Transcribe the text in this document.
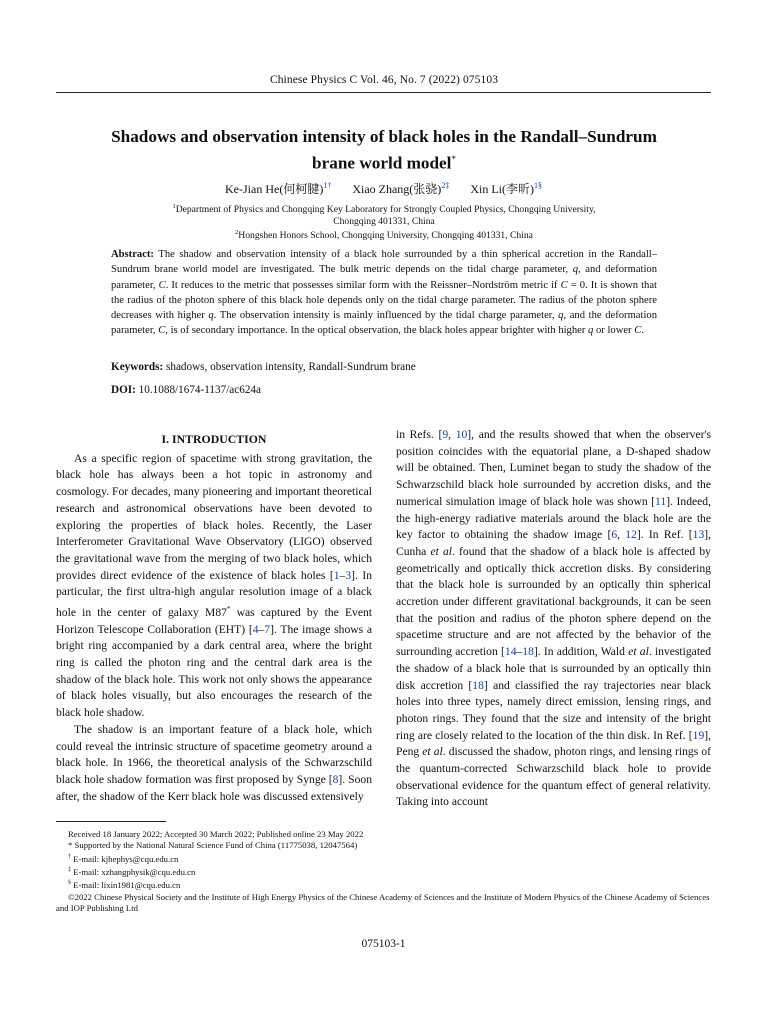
Chinese Physics C Vol. 46, No. 7 (2022) 075103
Shadows and observation intensity of black holes in the Randall–Sundrum
brane world model*
Ke-Jian He(何柯腱)$^{1\dagger}$ Xiao Zhang(张骁)$^{2\ddagger}$ Xin Li(李昕)$^{1\S}$
$^1$Department of Physics and Chongqing Key Laboratory for Strongly Coupled Physics, Chongqing University,
Chongqing 401331, China
$^2$Hongshen Honors School, Chongqing University, Chongqing 401331, China
Abstract: The shadow and observation intensity of a black hole surrounded by a thin spherical accretion in the Randall–Sundrum brane world model are investigated. The bulk metric depends on the tidal charge parameter, q, and deformation parameter, C. It reduces to the metric that possesses similar form with the Reissner–Nordström metric if C = 0. It is shown that the radius of the photon sphere of this black hole depends only on the tidal charge parameter. The radius of the photon sphere decreases with higher q. The observation intensity is mainly influenced by the tidal charge parameter, q, and the deformation parameter, C, is of secondary importance. In the optical observation, the black holes appear brighter with higher q or lower C.
Keywords: shadows, observation intensity, Randall-Sundrum brane
DOI: 10.1088/1674-1137/ac624a
I. INTRODUCTION

As a specific region of spacetime with strong gravitation, the black hole has always been a hot topic in astronomy and cosmology. For decades, many pioneering and important theoretical research and astronomical observations have been devoted to exploring the properties of black holes. Recently, the Laser Interferometer Gravitational Wave Observatory (LIGO) observed the gravitational wave from the merging of two black holes, which provides direct evidence of the existence of black holes [1–3]. In particular, the first ultra-high angular resolution image of a black hole in the center of galaxy M87* was captured by the Event Horizon Telescope Collaboration (EHT) [4–7]. The image shows a bright ring accompanied by a dark central area, where the bright ring is called the photon ring and the central dark area is the shadow of the black hole. This work not only shows the appearance of black holes visually, but also encourages the research of the black hole shadow.

The shadow is an important feature of a black hole, which could reveal the intrinsic structure of spacetime geometry around a black hole. In 1966, the theoretical analysis of the Schwarzschild black hole shadow formation was first proposed by Synge [8]. Soon after, the shadow of the Kerr black hole was discussed extensively

in Refs. [9, 10], and the results showed that when the observer's position coincides with the equatorial plane, a D-shaped shadow will be obtained. Then, Luminet began to study the shadow of the Schwarzschild black hole surrounded by accretion disks, and the numerical simulation image of black hole was shown [11]. Indeed, the high-energy radiative materials around the black hole are the key factor to obtaining the shadow image [6, 12]. In Ref. [13], Cunha et al. found that the shadow of a black hole is affected by geometrically and optically thick accretion disks. By considering that the black hole is surrounded by an optically thin spherical accretion under different gravitational backgrounds, it can be seen that the position and radius of the photon sphere depend on the spacetime structure and are not affected by the behavior of the surrounding accretion [14–18]. In addition, Wald et al. investigated the shadow of a black hole that is surrounded by an optically thin disk accretion [18] and classified the ray trajectories near black holes into three types, namely direct emission, lensing rings, and photon rings. They found that the size and intensity of the bright ring are closely related to the location of the thin disk. In Ref. [19], Peng et al. discussed the shadow, photon rings, and lensing rings of the quantum-corrected Schwarzschild black hole to provide observational evidence for the quantum effect of general relativity. Taking into account

Received 18 January 2022; Accepted 30 March 2022; Published online 23 May 2022
* Supported by the National Natural Science Fund of China (11775038, 12047564)
† E-mail: kjhephys@cqu.edu.cn
‡ E-mail: xzhangphysik@cqu.edu.cn
§ E-mail: lixin1981@cqu.edu.cn
©2022 Chinese Physical Society and the Institute of High Energy Physics of the Chinese Academy of Sciences and the Institute of Modern Physics of the Chinese Academy of Sciences and IOP Publishing Ltd
075103-1
